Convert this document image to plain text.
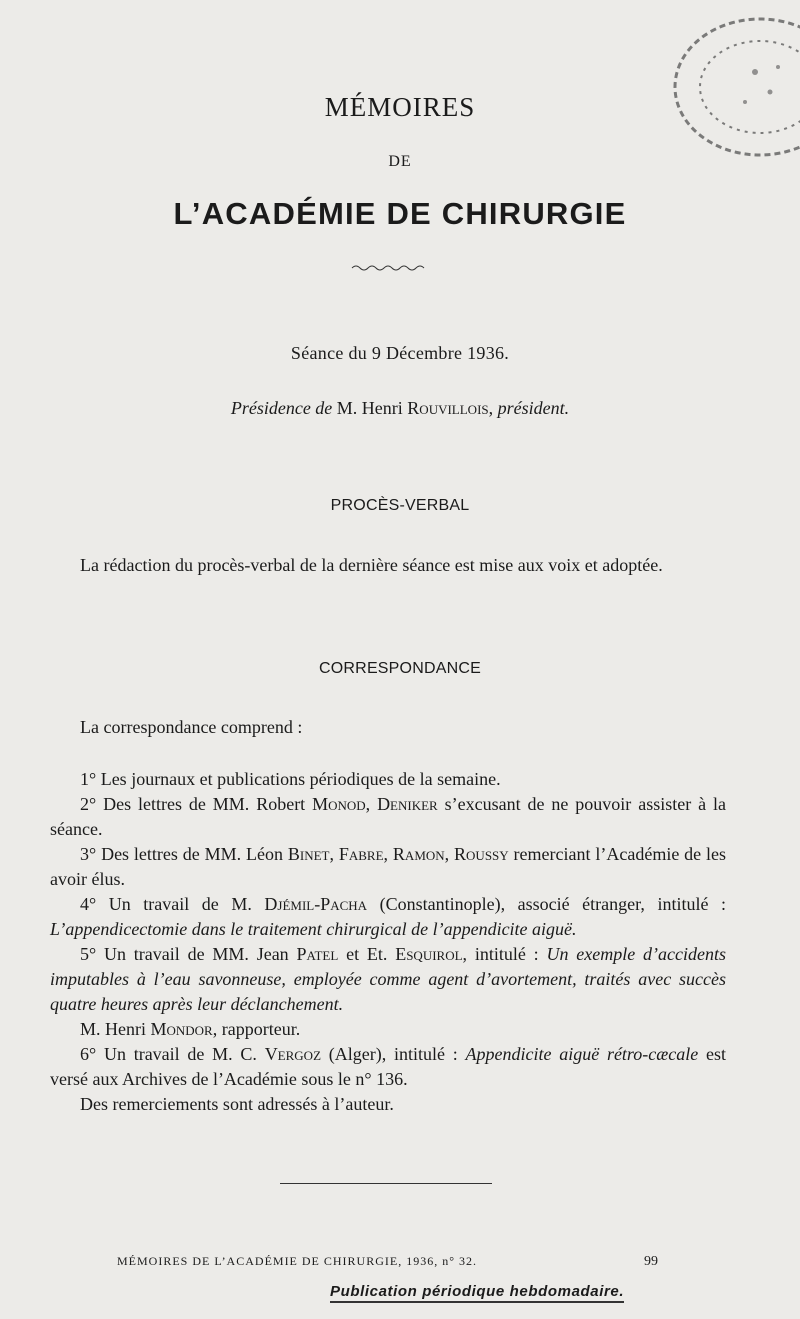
MÉMOIRES
DE
L’ACADÉMIE DE CHIRURGIE
Séance du 9 Décembre 1936.
Présidence de M. Henri Rouvillois, président.
PROCÈS-VERBAL
La rédaction du procès-verbal de la dernière séance est mise aux voix et adoptée.
CORRESPONDANCE
La correspondance comprend :

1° Les journaux et publications périodiques de la semaine.

2° Des lettres de MM. Robert Monod, Deniker s’excusant de ne pouvoir assister à la séance.

3° Des lettres de MM. Léon Binet, Fabre, Ramon, Roussy remerciant l’Académie de les avoir élus.

4° Un travail de M. Djémil-Pacha (Constantinople), associé étranger, intitulé : L’appendicectomie dans le traitement chirurgical de l’appendicite aiguë.

5° Un travail de MM. Jean Patel et Et. Esquirol, intitulé : Un exemple d’accidents imputables à l’eau savonneuse, employée comme agent d’avortement, traités avec succès quatre heures après leur déclanchement.

M. Henri Mondor, rapporteur.

6° Un travail de M. C. Vergoz (Alger), intitulé : Appendicite aiguë rétro-cæcale est versé aux Archives de l’Académie sous le n° 136.

Des remerciements sont adressés à l’auteur.

MÉMOIRES DE L’ACADÉMIE DE CHIRURGIE, 1936, n° 32.	99
Publication périodique hebdomadaire.
